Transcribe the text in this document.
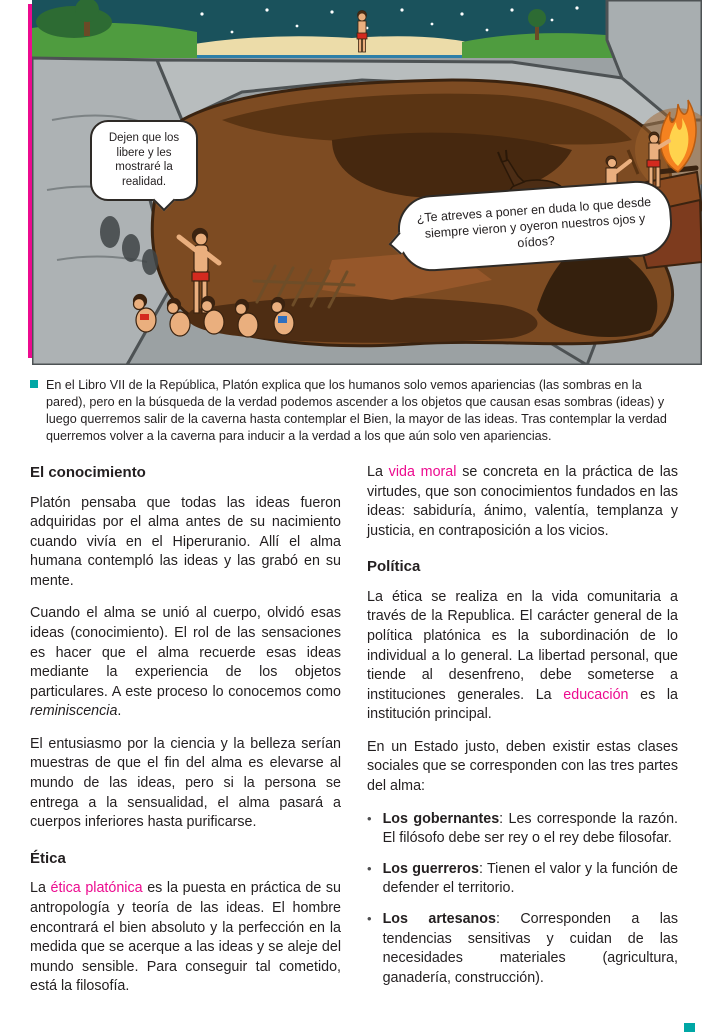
Dejen que los libere y les mostraré la realidad.
¿Te atreves a poner en duda lo que desde siempre vieron y oyeron nuestros ojos y oídos?
En el Libro VII de la República, Platón explica que los humanos solo vemos apariencias (las sombras en la pared), pero en la búsqueda de la verdad podemos ascender a los objetos que causan esas sombras (ideas) y luego querremos salir de la caverna hasta contemplar el Bien, la mayor de las ideas. Tras contemplar la verdad querremos volver a la caverna para inducir a la verdad a los que aún solo ven apariencias.
El conocimiento

Platón pensaba que todas las ideas fueron adquiridas por el alma antes de su nacimiento cuando vivía en el Hiperuranio. Allí el alma humana contempló las ideas y las grabó en su mente.

Cuando el alma se unió al cuerpo, olvidó esas ideas (conocimiento). El rol de las sensaciones es hacer que el alma recuerde esas ideas mediante la experiencia de los objetos particulares. A este proceso lo conocemos como reminiscencia.

El entusiasmo por la ciencia y la belleza serían muestras de que el fin del alma es elevarse al mundo de las ideas, pero si la persona se entrega a la sensualidad, el alma pasará a cuerpos inferiores hasta purificarse.

Ética

La ética platónica es la puesta en práctica de su antropología y teoría de las ideas. El hombre encontrará el bien absoluto y la perfección en la medida que se acerque a las ideas y se aleje del mundo sensible. Para conseguir tal cometido, está la filosofía.

La vida moral se concreta en la práctica de las virtudes, que son conocimientos fundados en las ideas: sabiduría, ánimo, valentía, templanza y justicia, en contraposición a los vicios.

Política

La ética se realiza en la vida comunitaria a través de la Republica. El carácter general de la política platónica es la subordinación de lo individual a lo general. La libertad personal, que tiende al desenfreno, debe someterse a instituciones generales. La educación es la institución principal.

En un Estado justo, deben existir estas clases sociales que se corresponden con las tres partes del alma:

• Los gobernantes: Les corresponde la razón. El filósofo debe ser rey o el rey debe filosofar.
• Los guerreros: Tienen el valor y la función de defender el territorio.
• Los artesanos: Corresponden a las tendencias sensitivas y cuidan de las necesidades materiales (agricultura, ganadería, construcción).
